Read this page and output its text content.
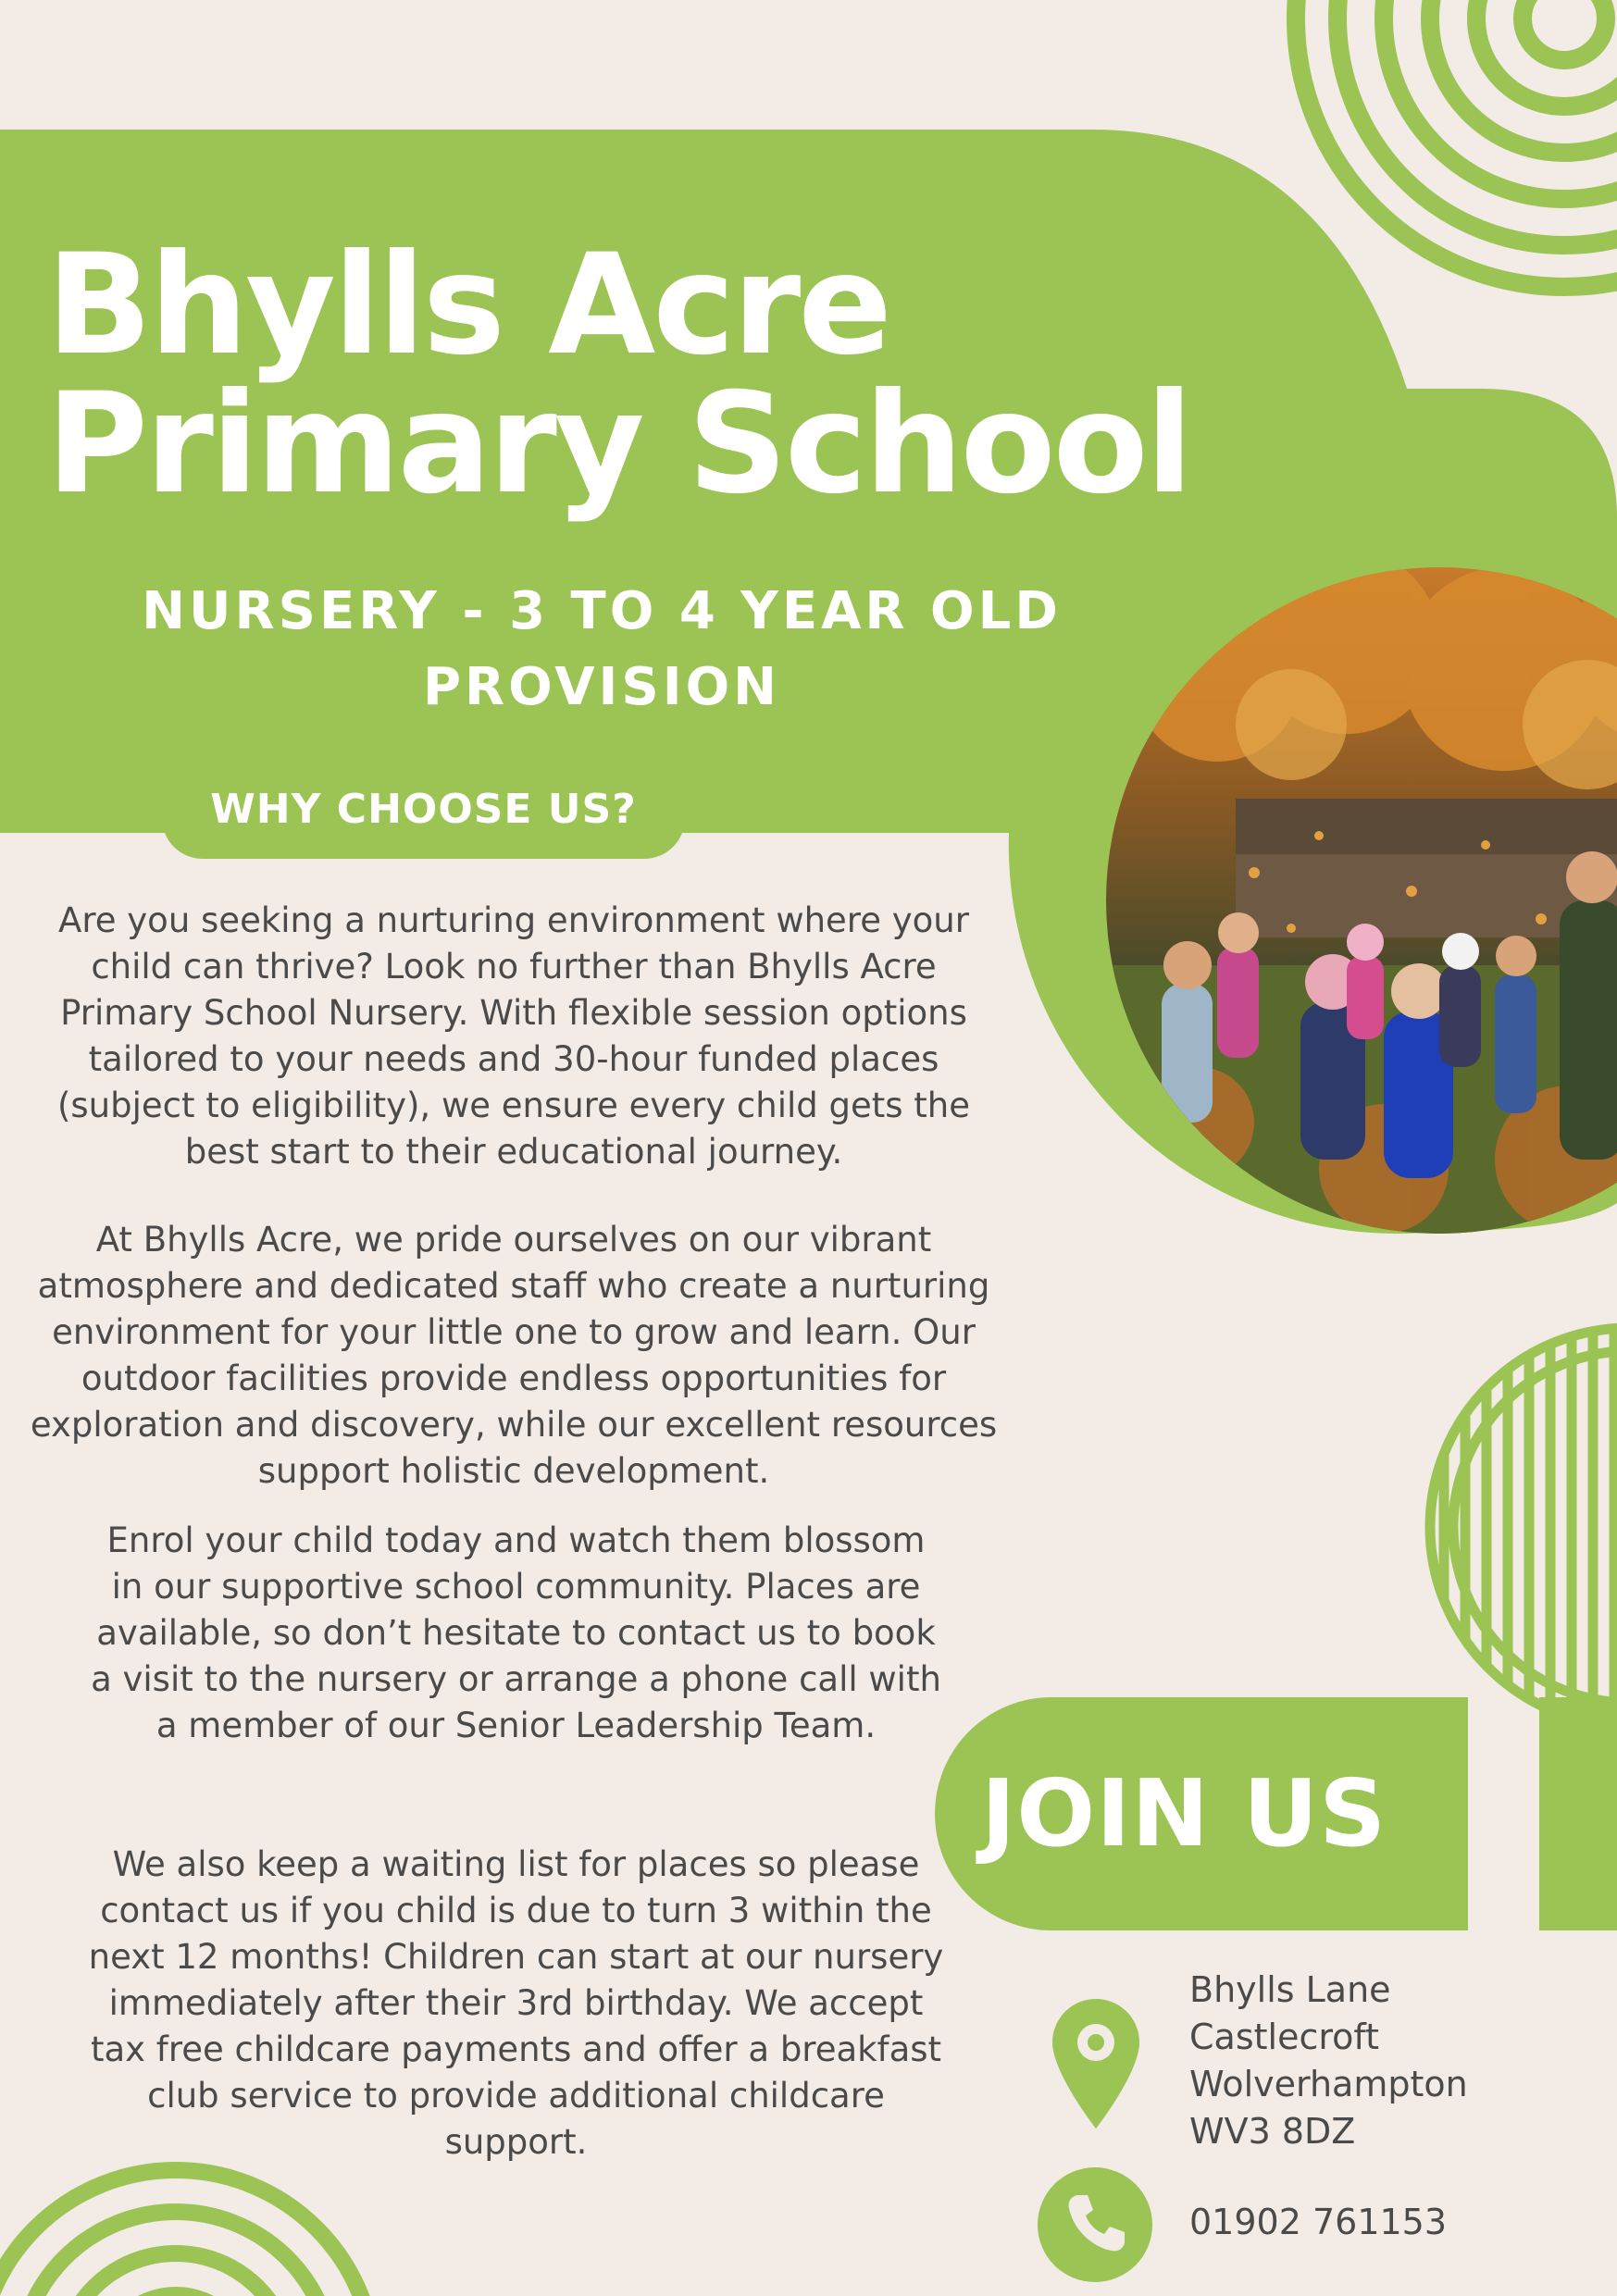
Bhylls Acre
Primary School
NURSERY - 3 TO 4 YEAR OLD PROVISION
WHY CHOOSE US?
Are you seeking a nurturing environment where your child can thrive? Look no further than Bhylls Acre Primary School Nursery. With flexible session options tailored to your needs and 30-hour funded places (subject to eligibility), we ensure every child gets the best start to their educational journey.
At Bhylls Acre, we pride ourselves on our vibrant atmosphere and dedicated staff who create a nurturing environment for your little one to grow and learn. Our outdoor facilities provide endless opportunities for exploration and discovery, while our excellent resources support holistic development.
Enrol your child today and watch them blossom in our supportive school community. Places are available, so don’t hesitate to contact us to book a visit to the nursery or arrange a phone call with a member of our Senior Leadership Team.
We also keep a waiting list for places so please contact us if you child is due to turn 3 within the next 12 months! Children can start at our nursery immediately after their 3rd birthday. We accept tax free childcare payments and offer a breakfast club service to provide additional childcare support.
JOIN US
Bhylls Lane
Castlecroft
Wolverhampton
WV3 8DZ
01902 761153
